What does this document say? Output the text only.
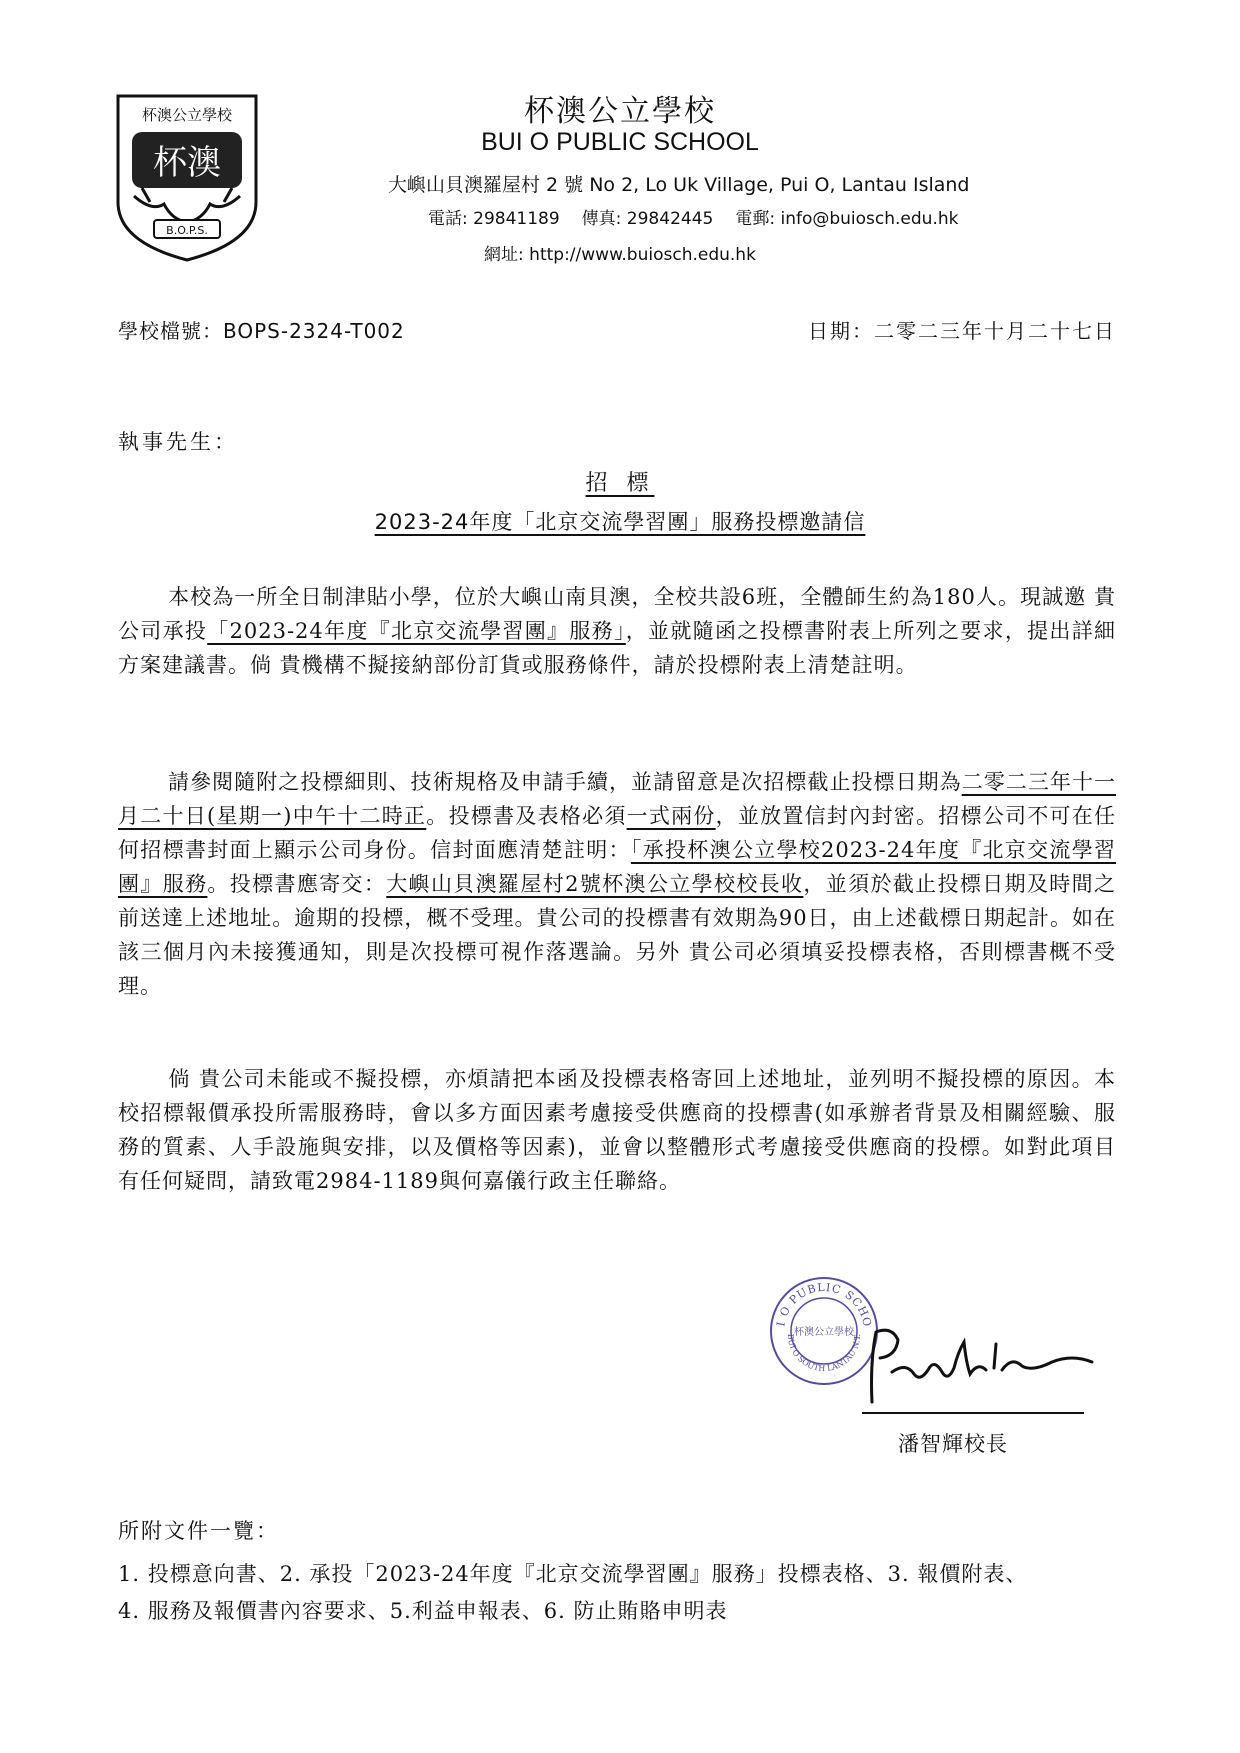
杯澳公立學校
杯澳
B.O.P.S.
杯澳公立學校
BUI O PUBLIC SCHOOL
大嶼山貝澳羅屋村 2 號 No 2, Lo Uk Village, Pui O, Lantau Island
電話: 29841189 傳真: 29842445 電郵: info@buiosch.edu.hk
網址: http://www.buiosch.edu.hk
學校檔號：BOPS-2324-T002	日期：二零二三年十月二十七日
執事先生：
招 標
2023-24年度「北京交流學習團」服務投標邀請信
本校為一所全日制津貼小學，位於大嶼山南貝澳，全校共設6班，全體師生約為180人。現誠邀 貴公司承投「2023-24年度『北京交流學習團』服務」，並就隨函之投標書附表上所列之要求，提出詳細方案建議書。倘 貴機構不擬接納部份訂貨或服務條件，請於投標附表上清楚註明。
請參閱隨附之投標細則、技術規格及申請手續，並請留意是次招標截止投標日期為二零二三年十一月二十日(星期一)中午十二時正。投標書及表格必須一式兩份，並放置信封內封密。招標公司不可在任何招標書封面上顯示公司身份。信封面應清楚註明：「承投杯澳公立學校2023-24年度『北京交流學習團』服務。投標書應寄交：大嶼山貝澳羅屋村2號杯澳公立學校校長收，並須於截止投標日期及時間之前送達上述地址。逾期的投標，概不受理。貴公司的投標書有效期為90日，由上述截標日期起計。如在該三個月內未接獲通知，則是次投標可視作落選論。另外 貴公司必須填妥投標表格，否則標書概不受理。
倘 貴公司未能或不擬投標，亦煩請把本函及投標表格寄回上述地址，並列明不擬投標的原因。本校招標報價承投所需服務時，會以多方面因素考慮接受供應商的投標書(如承辦者背景及相關經驗、服務的質素、人手設施與安排，以及價格等因素)，並會以整體形式考慮接受供應商的投標。如對此項目有任何疑問，請致電2984-1189與何嘉儀行政主任聯絡。
I O PUBLIC SCHO
BUI O SOUTH LANTAU N.T.
杯澳公立學校
潘智輝校長
所附文件一覽：
1. 投標意向書、2. 承投「2023-24年度『北京交流學習團』服務」投標表格、3. 報價附表、
4. 服務及報價書內容要求、5.利益申報表、6. 防止賄賂申明表
